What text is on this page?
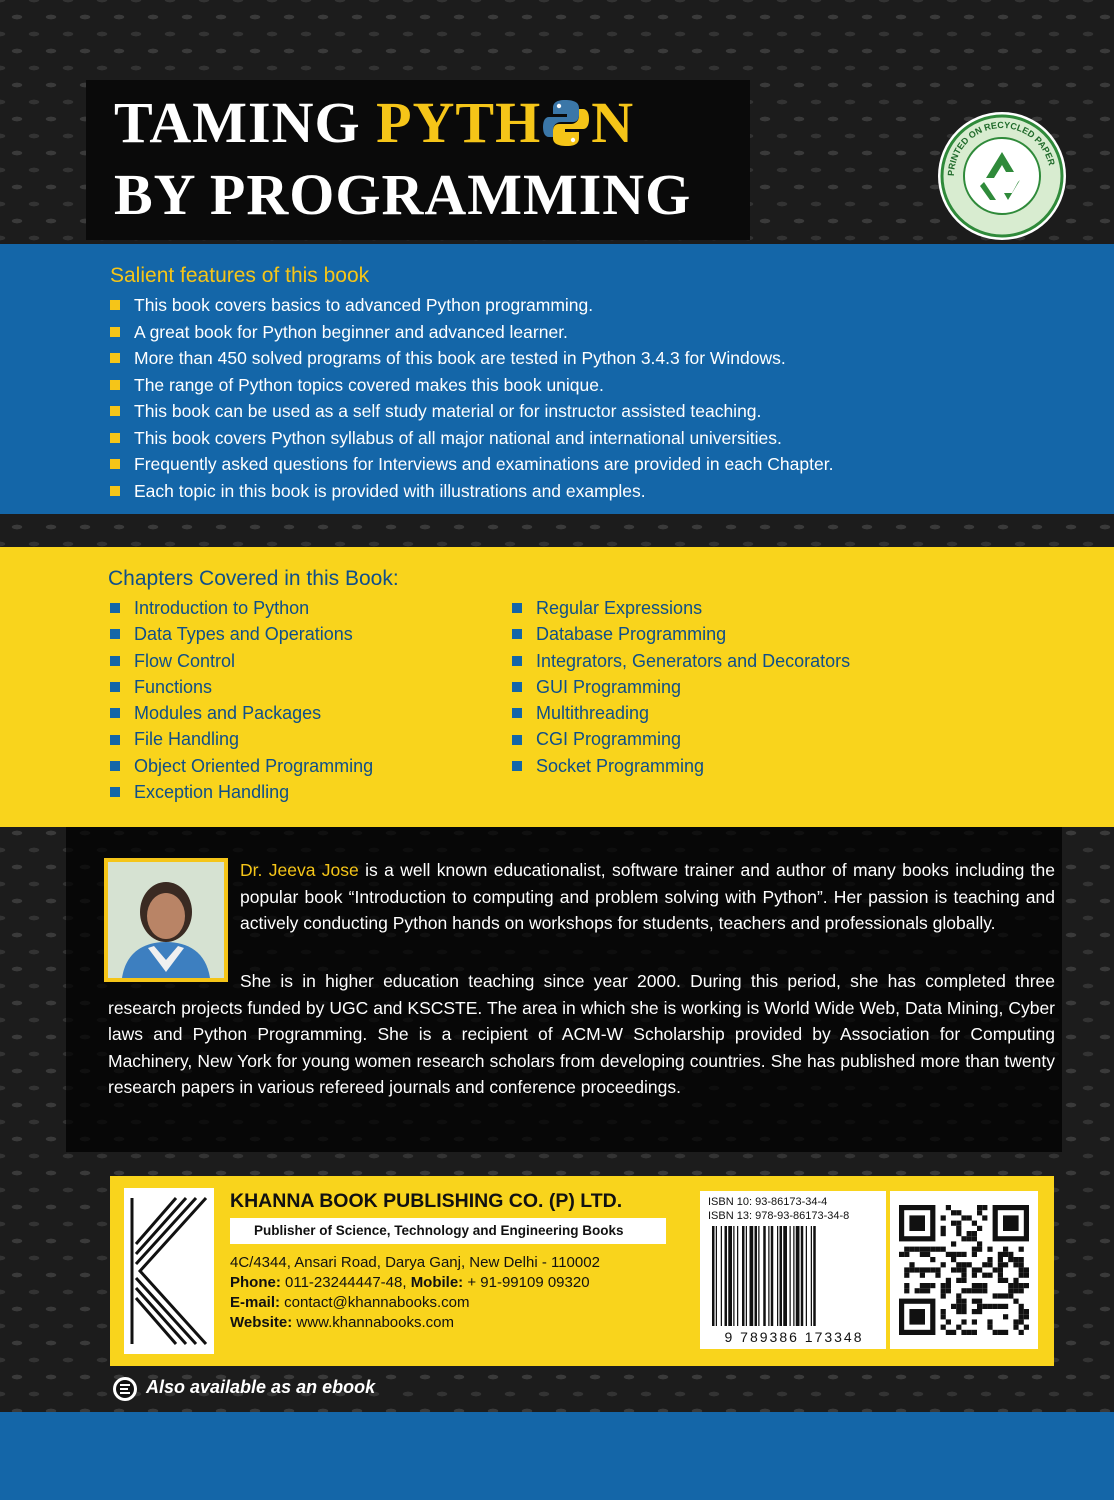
TAMING PYTH N
BY PROGRAMMING	PRINTED ON RECYCLED PAPER
Salient features of this book
This book covers basics to advanced Python programming.
A great book for Python beginner and advanced learner.
More than 450 solved programs of this book are tested in Python 3.4.3 for Windows.
The range of Python topics covered makes this book unique.
This book can be used as a self study material or for instructor assisted teaching.
This book covers Python syllabus of all major national and international universities.
Frequently asked questions for Interviews and examinations are provided in each Chapter.
Each topic in this book is provided with illustrations and examples.
Chapters Covered in this Book:
Introduction to Python
Data Types and Operations
Flow Control
Functions
Modules and Packages
File Handling
Object Oriented Programming
Exception Handling
Regular Expressions
Database Programming
Integrators, Generators and Decorators
GUI Programming
Multithreading
CGI Programming
Socket Programming

Dr. Jeeva Jose is a well known educationalist, software trainer and author of many books including the popular book “Introduction to computing and problem solving with Python”. Her passion is teaching and actively conducting Python hands on workshops for students, teachers and professionals globally.

She is in higher education teaching since year 2000. During this period, she has completed three research projects funded by UGC and KSCSTE. The area in which she is working is World Wide Web, Data Mining, Cyber laws and Python Programming. She is a recipient of ACM-W Scholarship provided by Association for Computing Machinery, New York for young women research scholars from developing countries. She has published more than twenty research papers in various refereed journals and conference proceedings.

KHANNA BOOK PUBLISHING CO. (P) LTD.
Publisher of Science, Technology and Engineering Books
4C/4344, Ansari Road, Darya Ganj, New Delhi - 110002
Phone: 011-23244447-48, Mobile: + 91-99109 09320
E-mail: contact@khannabooks.com
Website: www.khannabooks.com
ISBN 10: 93-86173-34-4
ISBN 13: 978-93-86173-34-8
9 789386 173348
Also available as an ebook
